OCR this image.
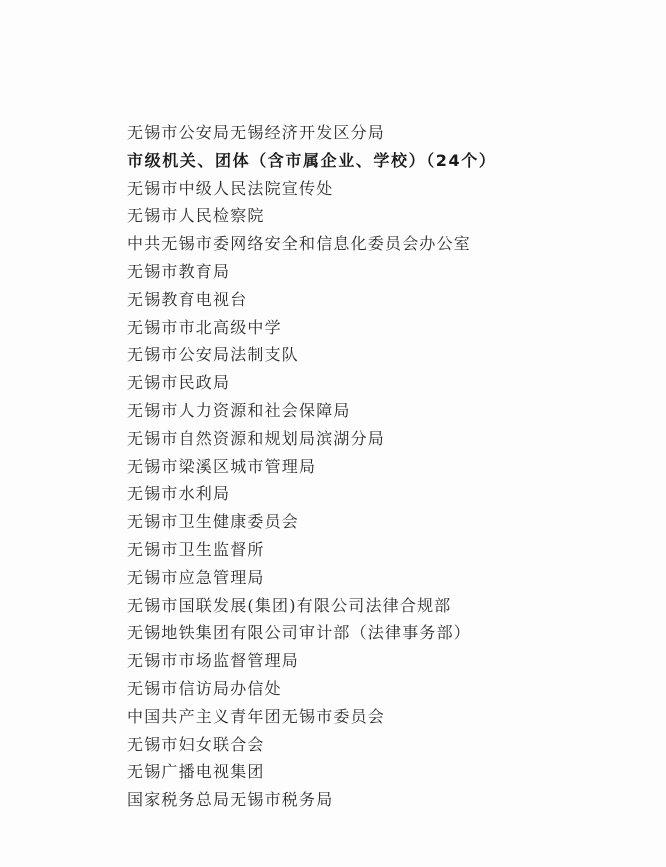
无锡市公安局无锡经济开发区分局
市级机关、团体（含市属企业、学校）（24个）
无锡市中级人民法院宣传处
无锡市人民检察院
中共无锡市委网络安全和信息化委员会办公室
无锡市教育局
无锡教育电视台
无锡市市北高级中学
无锡市公安局法制支队
无锡市民政局
无锡市人力资源和社会保障局
无锡市自然资源和规划局滨湖分局
无锡市梁溪区城市管理局
无锡市水利局
无锡市卫生健康委员会
无锡市卫生监督所
无锡市应急管理局
无锡市国联发展(集团)有限公司法律合规部
无锡地铁集团有限公司审计部（法律事务部）
无锡市市场监督管理局
无锡市信访局办信处
中国共产主义青年团无锡市委员会
无锡市妇女联合会
无锡广播电视集团
国家税务总局无锡市税务局
